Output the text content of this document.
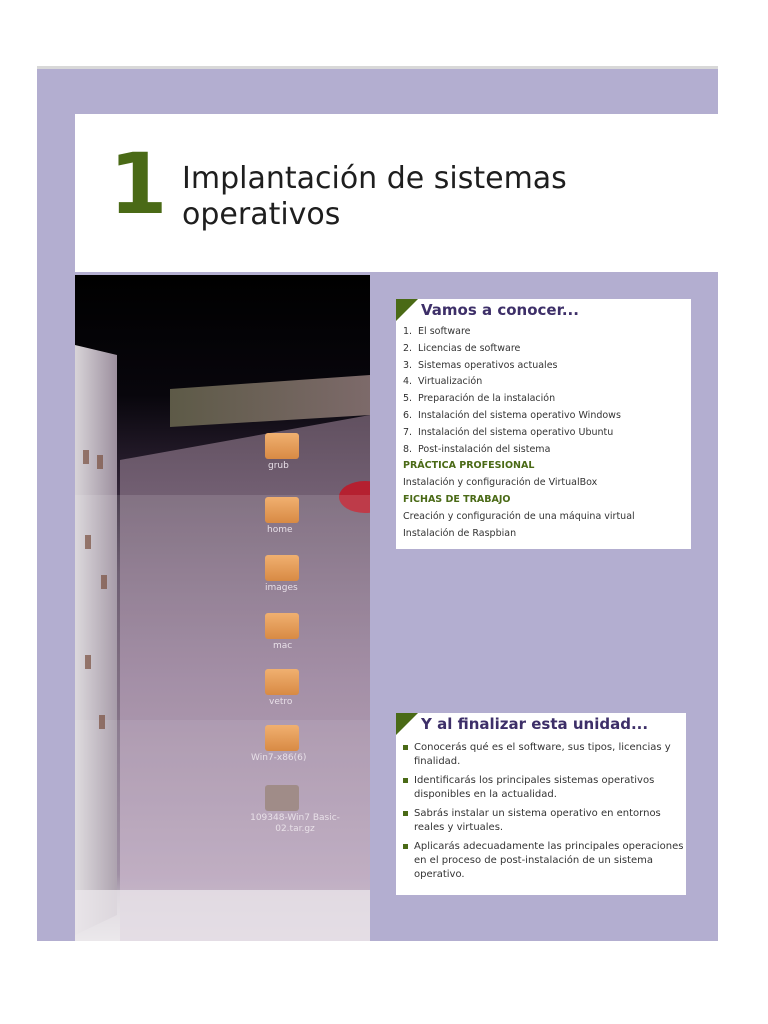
1 Implantación de sistemas
operativos
grub
home
images
mac
vetro
Win7-x86(6)
109348-Win7 Basic-02.tar.gz
Vamos a conocer...
1. El software
2. Licencias de software
3. Sistemas operativos actuales
4. Virtualización
5. Preparación de la instalación
6. Instalación del sistema operativo Windows
7. Instalación del sistema operativo Ubuntu
8. Post-instalación del sistema
PRÁCTICA PROFESIONAL
Instalación y configuración de VirtualBox
FICHAS DE TRABAJO
Creación y configuración de una máquina virtual
Instalación de Raspbian
Y al finalizar esta unidad...
Conocerás qué es el software, sus tipos, licencias y finalidad.
Identificarás los principales sistemas operativos disponibles en la actualidad.
Sabrás instalar un sistema operativo en entornos reales y virtuales.
Aplicarás adecuadamente las principales operaciones en el proceso de post-instalación de un sistema operativo.
